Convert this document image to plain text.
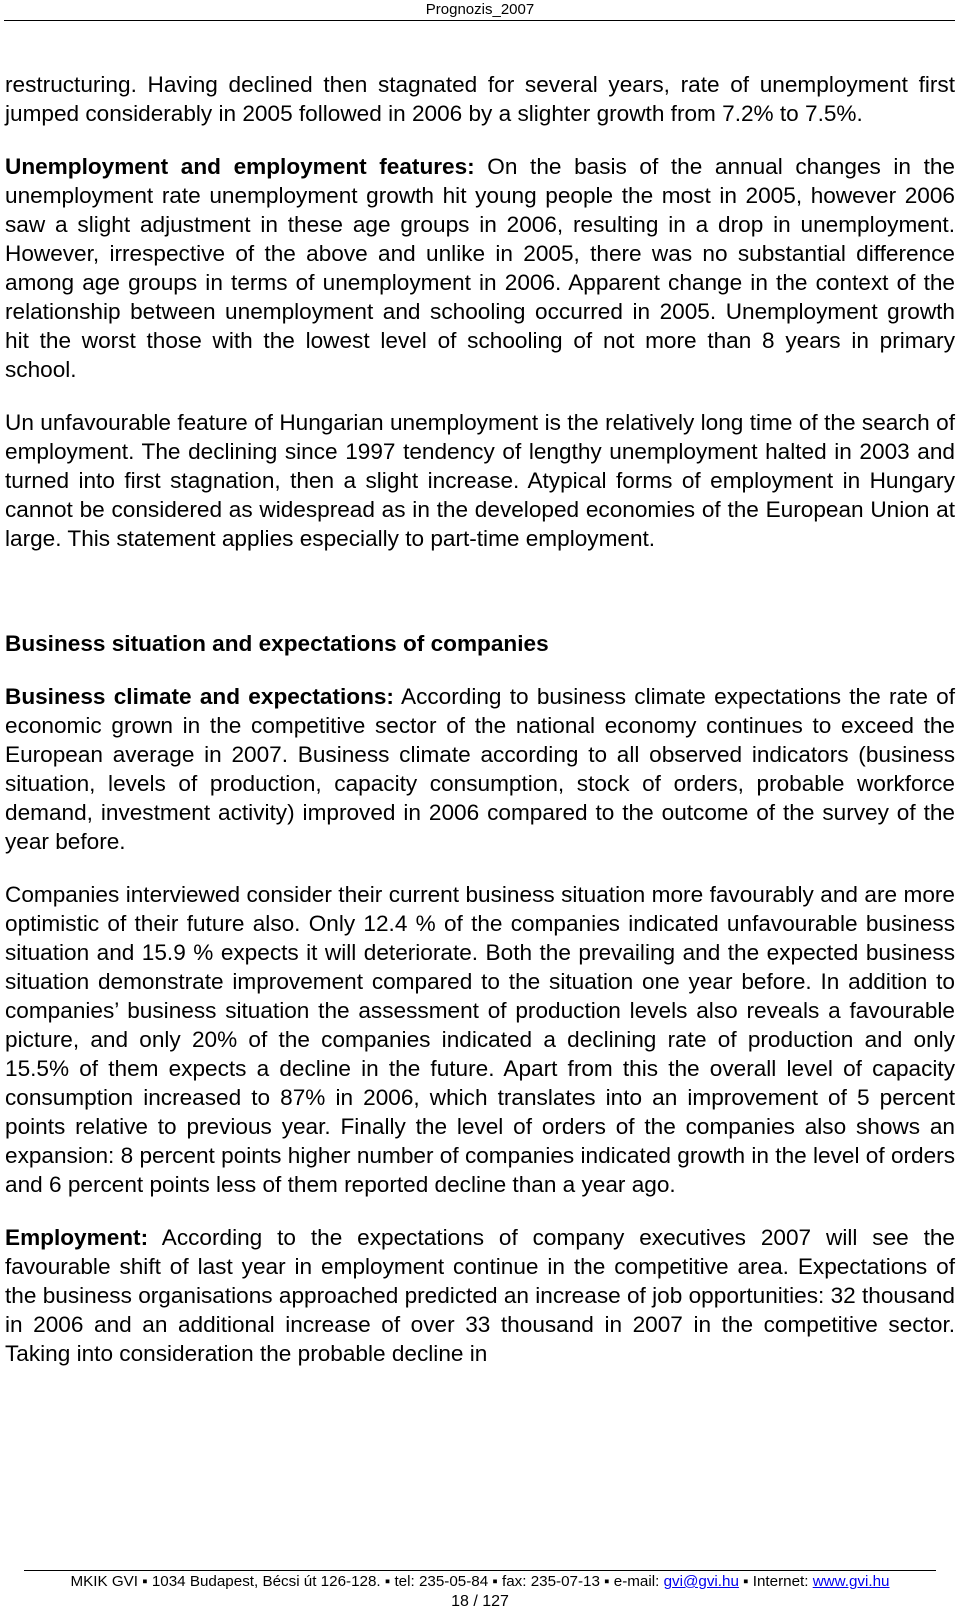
Prognozis_2007

restructuring. Having declined then stagnated for several years, rate of unemployment first jumped considerably in 2005 followed in 2006 by a slighter growth from 7.2% to 7.5%.

Unemployment and employment features: On the basis of the annual changes in the unemployment rate unemployment growth hit young people the most in 2005, however 2006 saw a slight adjustment in these age groups in 2006, resulting in a drop in unemployment. However, irrespective of the above and unlike in 2005, there was no substantial difference among age groups in terms of unemployment in 2006. Apparent change in the context of the relationship between unemployment and schooling occurred in 2005. Unemployment growth hit the worst those with the lowest level of schooling of not more than 8 years in primary school.

Un unfavourable feature of Hungarian unemployment is the relatively long time of the search of employment. The declining since 1997 tendency of lengthy unemployment halted in 2003 and turned into first stagnation, then a slight increase. Atypical forms of employment in Hungary cannot be considered as widespread as in the developed economies of the European Union at large. This statement applies especially to part-time employment.

Business situation and expectations of companies

Business climate and expectations: According to business climate expectations the rate of economic grown in the competitive sector of the national economy continues to exceed the European average in 2007. Business climate according to all observed indicators (business situation, levels of production, capacity consumption, stock of orders, probable workforce demand, investment activity) improved in 2006 compared to the outcome of the survey of the year before.

Companies interviewed consider their current business situation more favourably and are more optimistic of their future also. Only 12.4 % of the companies indicated unfavourable business situation and 15.9 % expects it will deteriorate. Both the prevailing and the expected business situation demonstrate improvement compared to the situation one year before. In addition to companies’ business situation the assessment of production levels also reveals a favourable picture, and only 20% of the companies indicated a declining rate of production and only 15.5% of them expects a decline in the future. Apart from this the overall level of capacity consumption increased to 87% in 2006, which translates into an improvement of 5 percent points relative to previous year. Finally the level of orders of the companies also shows an expansion: 8 percent points higher number of companies indicated growth in the level of orders and 6 percent points less of them reported decline than a year ago.

Employment: According to the expectations of company executives 2007 will see the favourable shift of last year in employment continue in the competitive area. Expectations of the business organisations approached predicted an increase of job opportunities: 32 thousand in 2006 and an additional increase of over 33 thousand in 2007 in the competitive sector. Taking into consideration the probable decline in

MKIK GVI ▪ 1034 Budapest, Bécsi út 126-128. ▪ tel: 235-05-84 ▪ fax: 235-07-13 ▪ e-mail: gvi@gvi.hu ▪ Internet: www.gvi.hu
18 / 127
